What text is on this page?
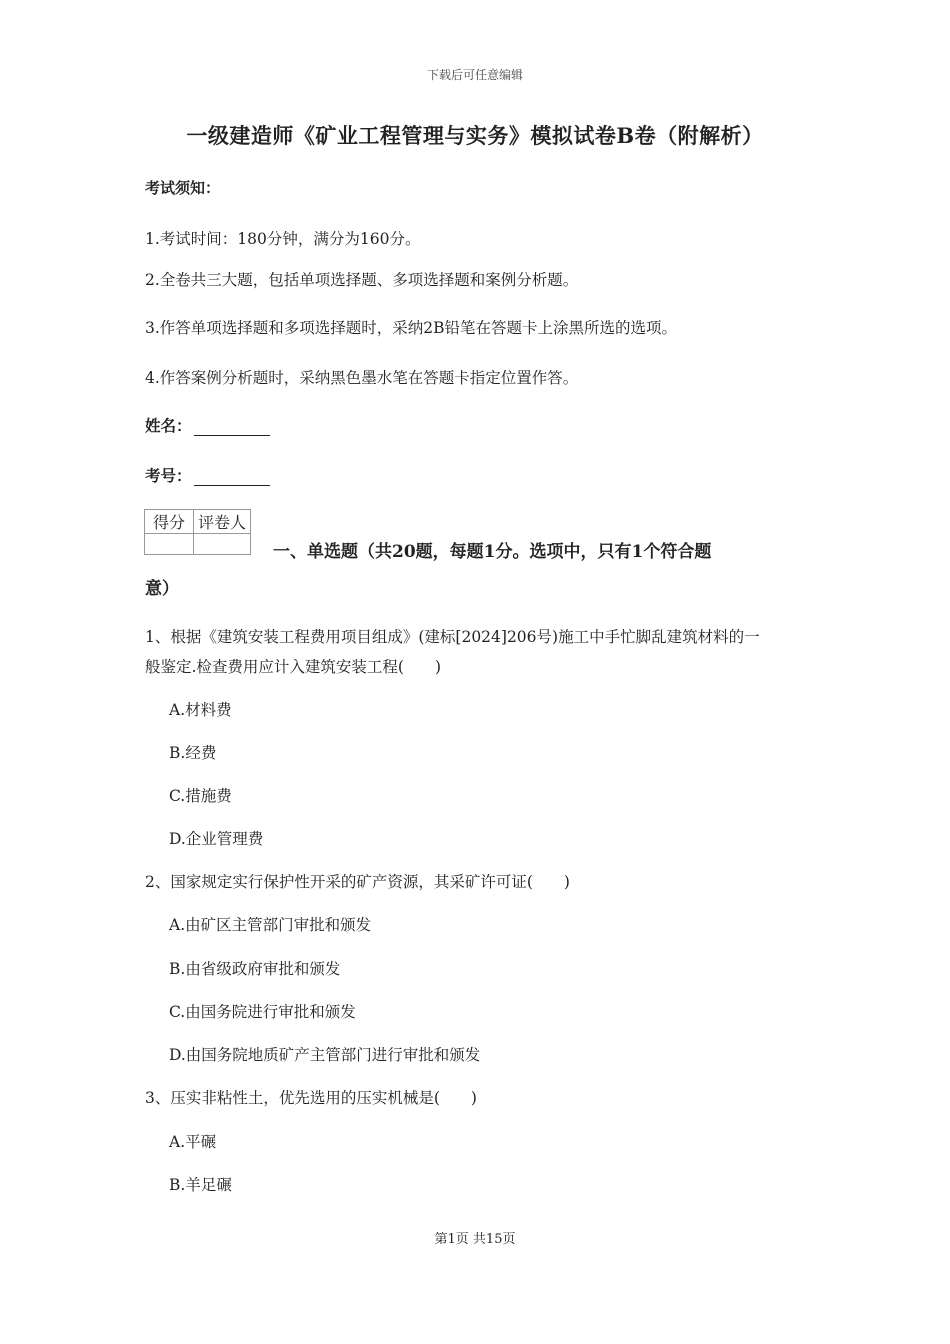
下载后可任意编辑
一级建造师《矿业工程管理与实务》模拟试卷B卷（附解析）
考试须知：
1.考试时间：180分钟，满分为160分。
2.全卷共三大题，包括单项选择题、多项选择题和案例分析题。
3.作答单项选择题和多项选择题时，采纳2B铅笔在答题卡上涂黑所选的选项。
4.作答案例分析题时，采纳黑色墨水笔在答题卡指定位置作答。
姓名：
考号：
得分	评卷人

一、单选题（共20题，每题1分。选项中，只有1个符合题
意）
1、根据《建筑安装工程费用项目组成》(建标[2024]206号)施工中手忙脚乱建筑材料的一
般鉴定.检查费用应计入建筑安装工程(　　)
A.材料费
B.经费
C.措施费
D.企业管理费
2、国家规定实行保护性开采的矿产资源，其采矿许可证(　　)
A.由矿区主管部门审批和颁发
B.由省级政府审批和颁发
C.由国务院进行审批和颁发
D.由国务院地质矿产主管部门进行审批和颁发
3、压实非粘性土，优先选用的压实机械是(　　)
A.平碾
B.羊足碾
第1页 共15页
